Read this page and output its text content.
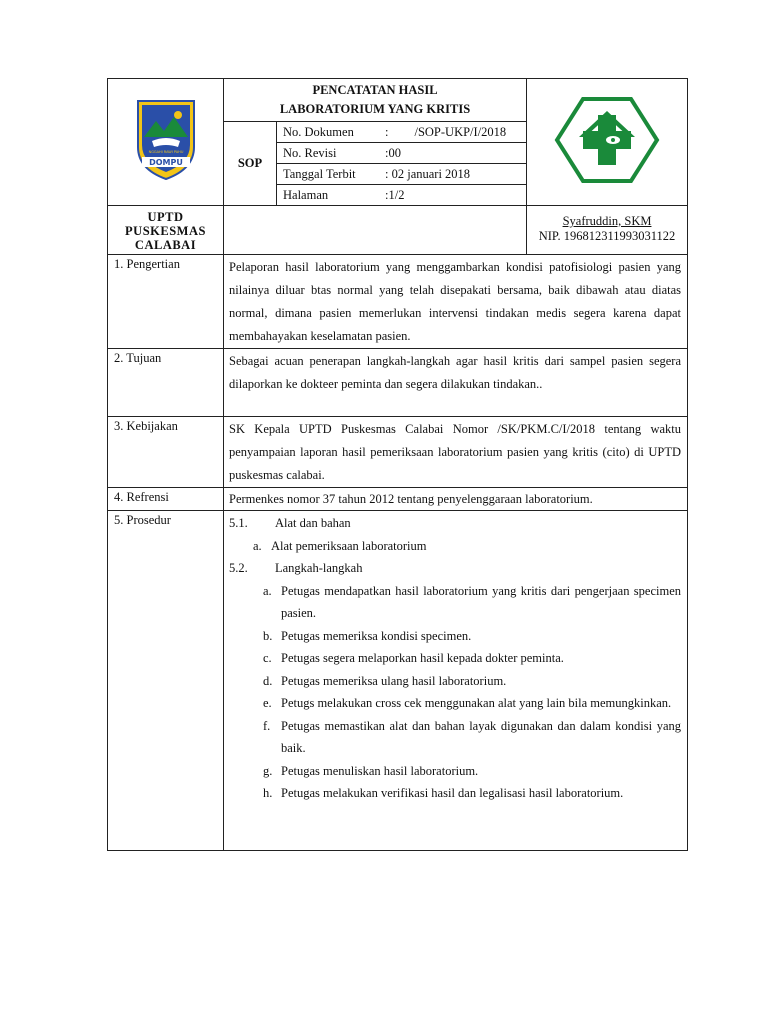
DOMPU
NGGAHI RAWI PAHU

PENCATATAN HASIL
LABORATORIUM YANG KRITIS

SOP	
No. Dokumen	: /SOP-UKP/I/2018
No. Revisi	:00
Tanggal Terbit	: 02 januari 2018
Halaman	:1/2

UPTD
PUSKESMAS
CALABAI

Syafruddin, SKM
NIP. 196812311993031122

1. Pengertian	Pelaporan hasil laboratorium yang menggambarkan kondisi patofisiologi pasien yang nilainya diluar btas normal yang telah disepakati bersama, baik dibawah atau diatas normal, dimana pasien memerlukan intervensi tindakan medis segera karena dapat membahayakan keselamatan pasien.
2. Tujuan	Sebagai acuan penerapan langkah-langkah agar hasil kritis dari sampel pasien segera dilaporkan ke dokteer peminta dan segera dilakukan tindakan..
3. Kebijakan	SK Kepala UPTD Puskesmas Calabai Nomor /SK/PKM.C/I/2018 tentang waktu penyampaian laporan hasil pemeriksaan laboratorium pasien yang kritis (cito) di UPTD puskesmas calabai.
4. Refrensi	Permenkes nomor 37 tahun 2012 tentang penyelenggaraan laboratorium.
5. Prosedur	5.1.	Alat dan bahan
a. Alat pemeriksaan laboratorium
5.2.	Langkah-langkah
a. Petugas mendapatkan hasil laboratorium yang kritis dari pengerjaan specimen pasien.
b. Petugas memeriksa kondisi specimen.
c. Petugas segera melaporkan hasil kepada dokter peminta.
d. Petugas memeriksa ulang hasil laboratorium.
e. Petugs melakukan cross cek menggunakan alat yang lain bila memungkinkan.
f. Petugas memastikan alat dan bahan layak digunakan dan dalam kondisi yang baik.
g. Petugas menuliskan hasil laboratorium.
h. Petugas melakukan verifikasi hasil dan legalisasi hasil laboratorium.
